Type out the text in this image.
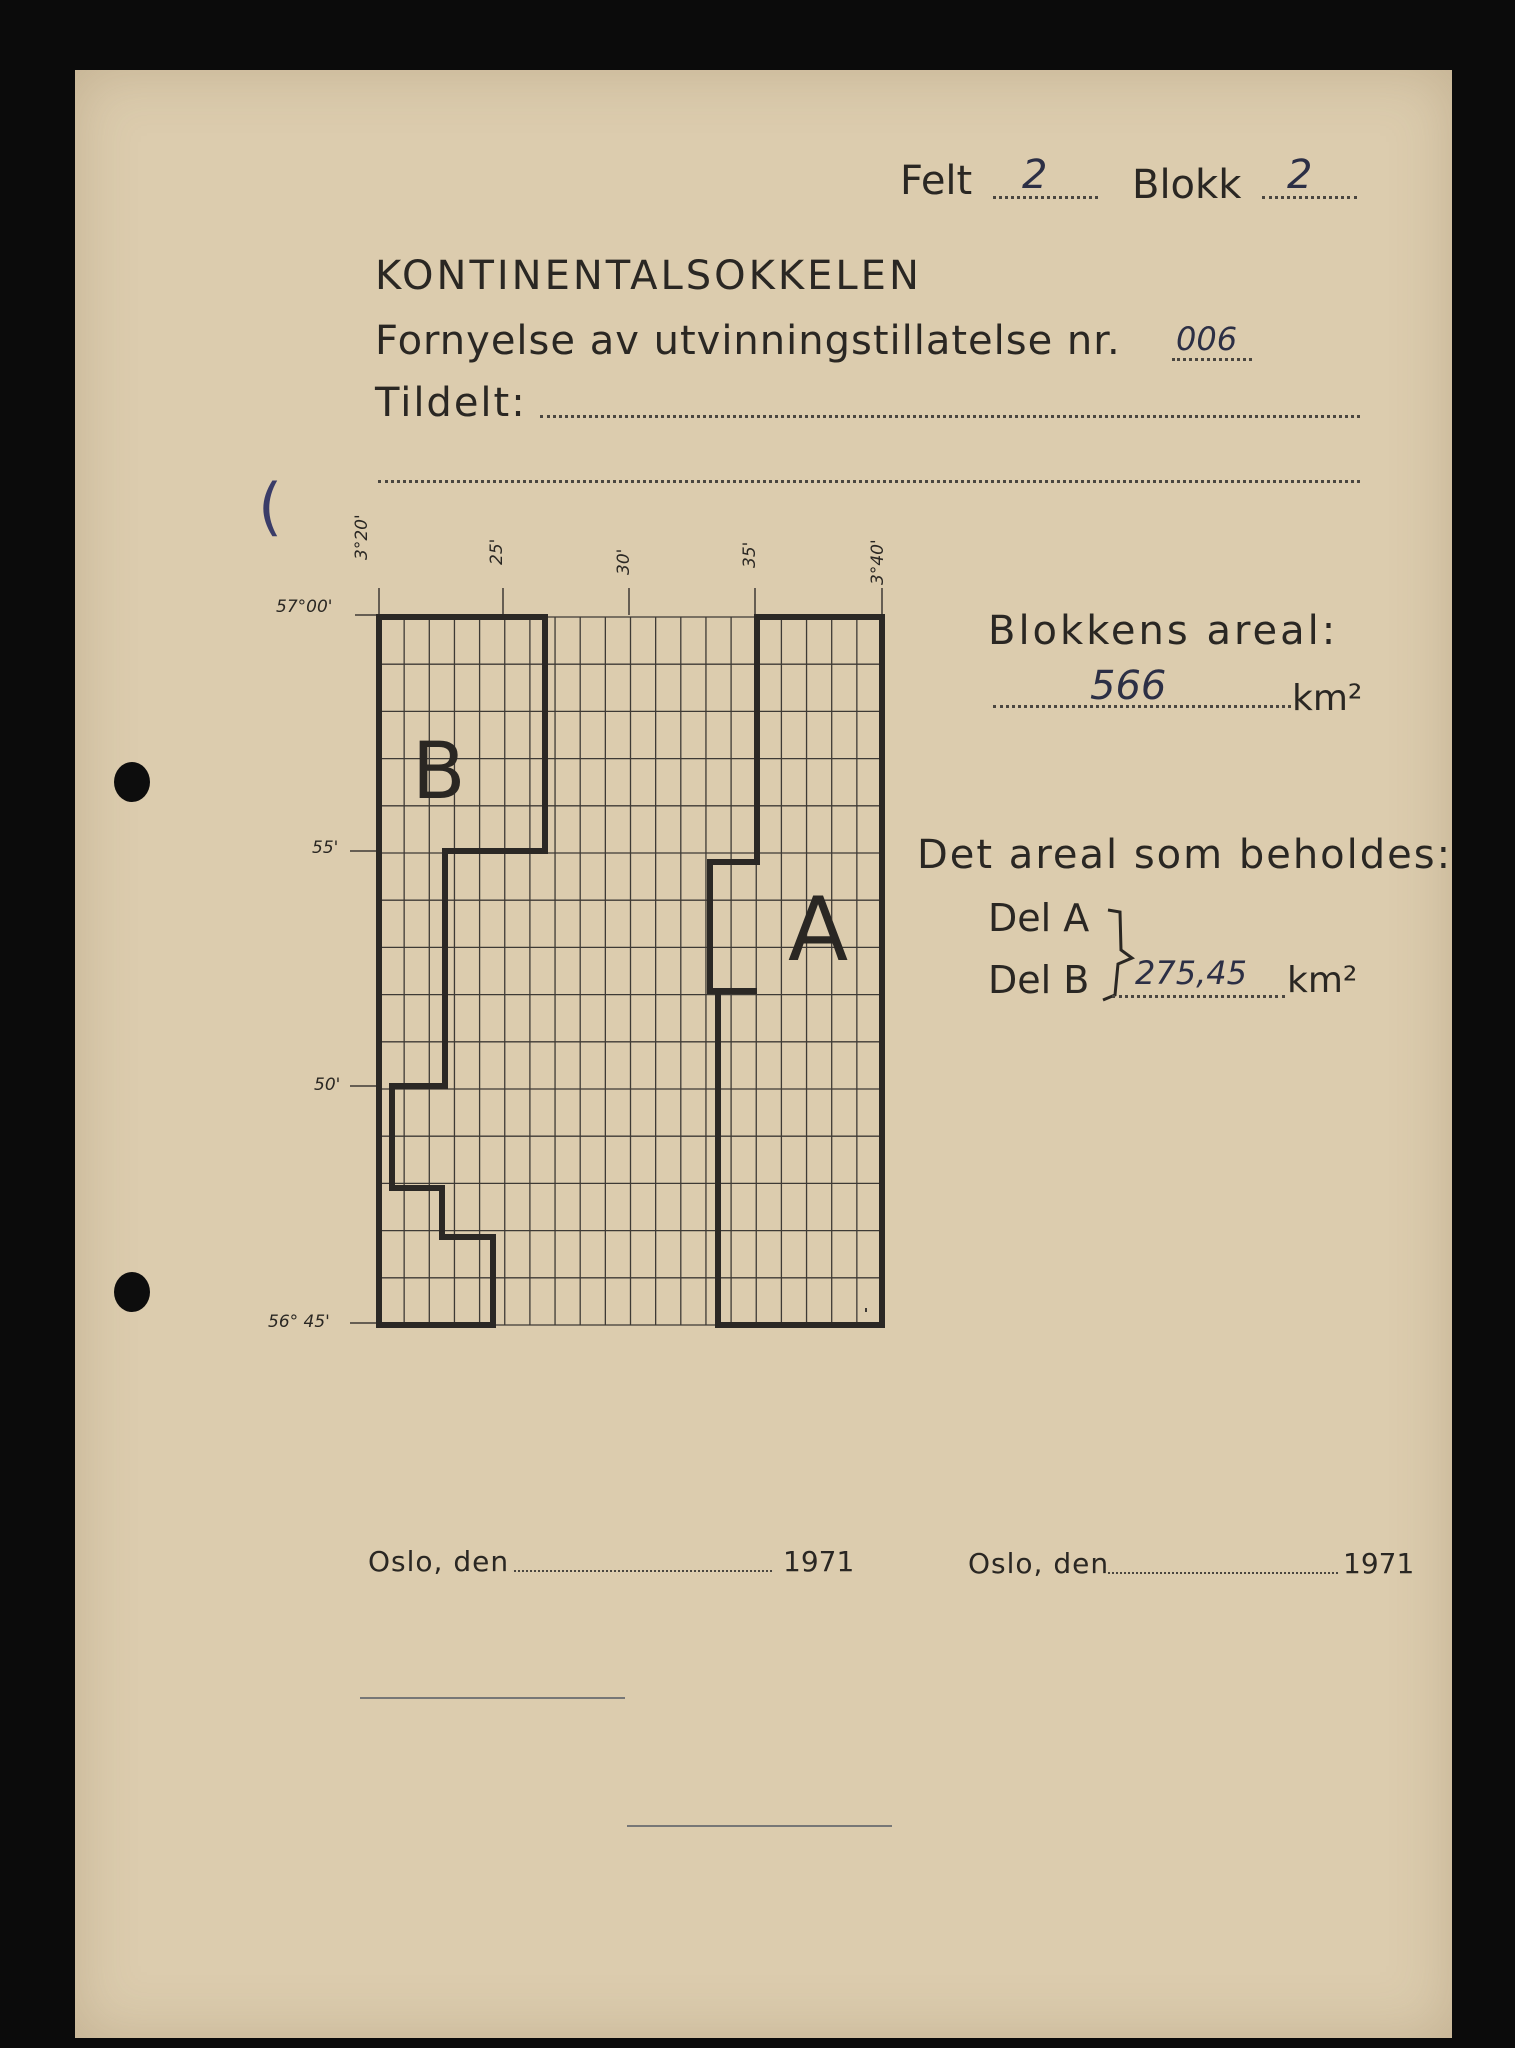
Felt 2 Blokk 2
KONTINENTALSOKKELEN
Fornyelse av utvinningstillatelse nr. 006
Tildelt:
(	3°20'	25'	30'	35'	3°40'
57°00'
55'
50'
56° 45'
B
A
Blokkens areal:
566	km²
Det areal som beholdes:
Del A
Del B 275,45 km²
Oslo, den	1971	Oslo, den	1971
